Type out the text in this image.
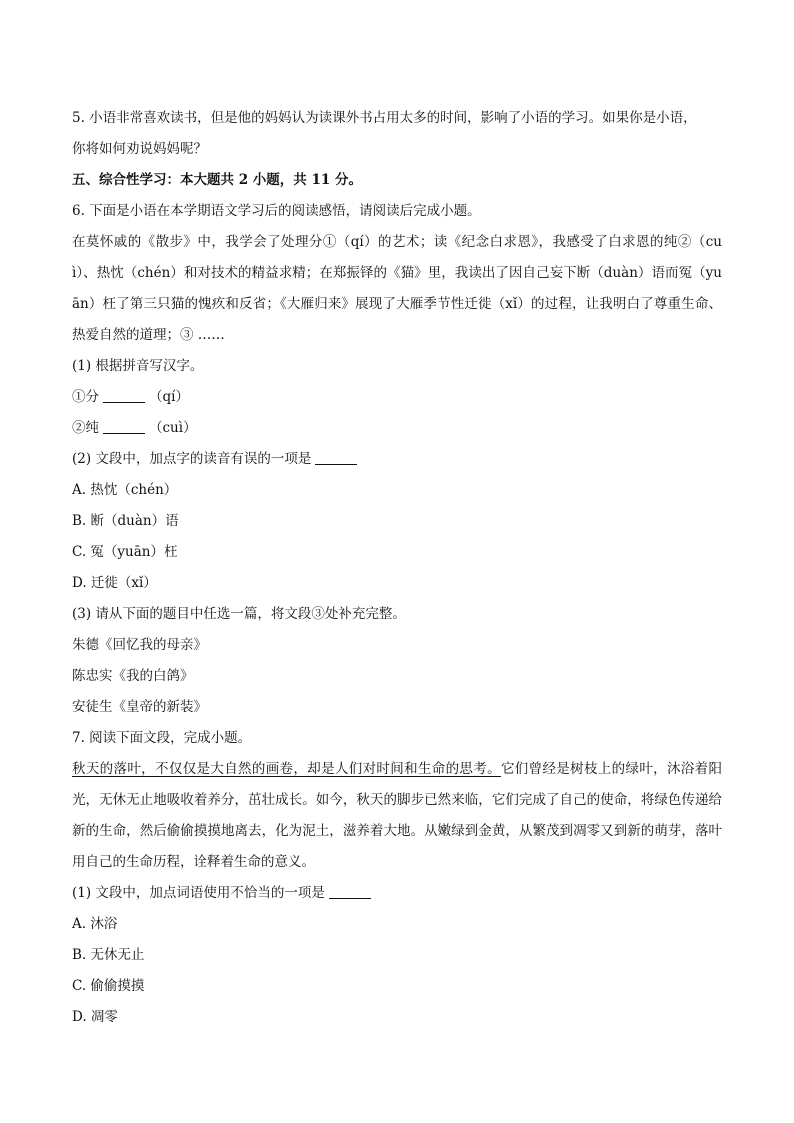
5. 小语非常喜欢读书，但是他的妈妈认为读课外书占用太多的时间，影响了小语的学习。如果你是小语，
你将如何劝说妈妈呢？
五、综合性学习：本大题共 2 小题，共 11 分。
6. 下面是小语在本学期语文学习后的阅读感悟，请阅读后完成小题。
在莫怀戚的《散步》中，我学会了处理分①（qí）的艺术；读《纪念白求恩》，我感受了白求恩的纯②（cuì）、热忱（chén）和对技术的精益求精；在郑振铎的《猫》里，我读出了因自己妄下断（duàn）语而冤（yuān）枉了第三只猫的愧疚和反省；《大雁归来》展现了大雁季节性迁徙（xǐ）的过程，让我明白了尊重生命、热爱自然的道理；③ ……
(1) 根据拼音写汉字。
①分	（qí）
②纯	（cuì）
(2) 文段中，加点字的读音有误的一项是
A. 热忱（chén）
B. 断（duàn）语
C. 冤（yuān）枉
D. 迁徙（xǐ）
(3) 请从下面的题目中任选一篇，将文段③处补充完整。
朱德《回忆我的母亲》
陈忠实《我的白鸽》
安徒生《皇帝的新装》
7. 阅读下面文段，完成小题。
秋天的落叶，不仅仅是大自然的画卷，却是人们对时间和生命的思考。它们曾经是树枝上的绿叶，沐浴着阳光，无休无止地吸收着养分，茁壮成长。如今，秋天的脚步已然来临，它们完成了自己的使命，将绿色传递给新的生命，然后偷偷摸摸地离去，化为泥土，滋养着大地。从嫩绿到金黄，从繁茂到凋零又到新的萌芽，落叶用自己的生命历程，诠释着生命的意义。
(1) 文段中，加点词语使用不恰当的一项是
A. 沐浴
B. 无休无止
C. 偷偷摸摸
D. 凋零
